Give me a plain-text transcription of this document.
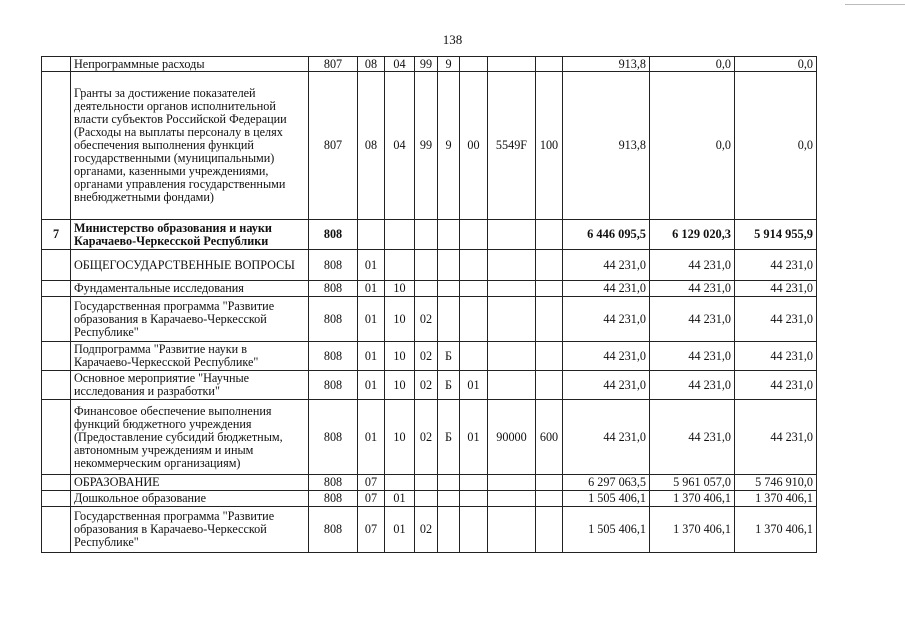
138
	Непрограммные расходы	807	08	04	99	9				913,8	0,0	0,0
	Гранты за достижение показателей деятельности органов исполнительной власти субъектов Российской Федерации (Расходы на выплаты персоналу в целях обеспечения выполнения функций государственными (муниципальными) органами, казенными учреждениями, органами управления государственными внебюджетными фондами)	807	08	04	99	9	00	5549F	100	913,8	0,0	0,0
7	Министерство образования и науки Карачаево-Черкесской Республики	808								6 446 095,5	6 129 020,3	5 914 955,9
	ОБЩЕГОСУДАРСТВЕННЫЕ ВОПРОСЫ	808	01							44 231,0	44 231,0	44 231,0
	Фундаментальные исследования	808	01	10						44 231,0	44 231,0	44 231,0
	Государственная программа "Развитие образования в Карачаево-Черкесской Республике"	808	01	10	02					44 231,0	44 231,0	44 231,0
	Подпрограмма "Развитие науки в Карачаево-Черкесской Республике"	808	01	10	02	Б				44 231,0	44 231,0	44 231,0
	Основное мероприятие "Научные исследования и разработки"	808	01	10	02	Б	01			44 231,0	44 231,0	44 231,0
	Финансовое обеспечение выполнения функций бюджетного учреждения (Предоставление субсидий бюджетным, автономным учреждениям и иным некоммерческим организациям)	808	01	10	02	Б	01	90000	600	44 231,0	44 231,0	44 231,0
	ОБРАЗОВАНИЕ	808	07							6 297 063,5	5 961 057,0	5 746 910,0
	Дошкольное образование	808	07	01						1 505 406,1	1 370 406,1	1 370 406,1
	Государственная программа "Развитие образования в Карачаево-Черкесской Республике"	808	07	01	02					1 505 406,1	1 370 406,1	1 370 406,1
